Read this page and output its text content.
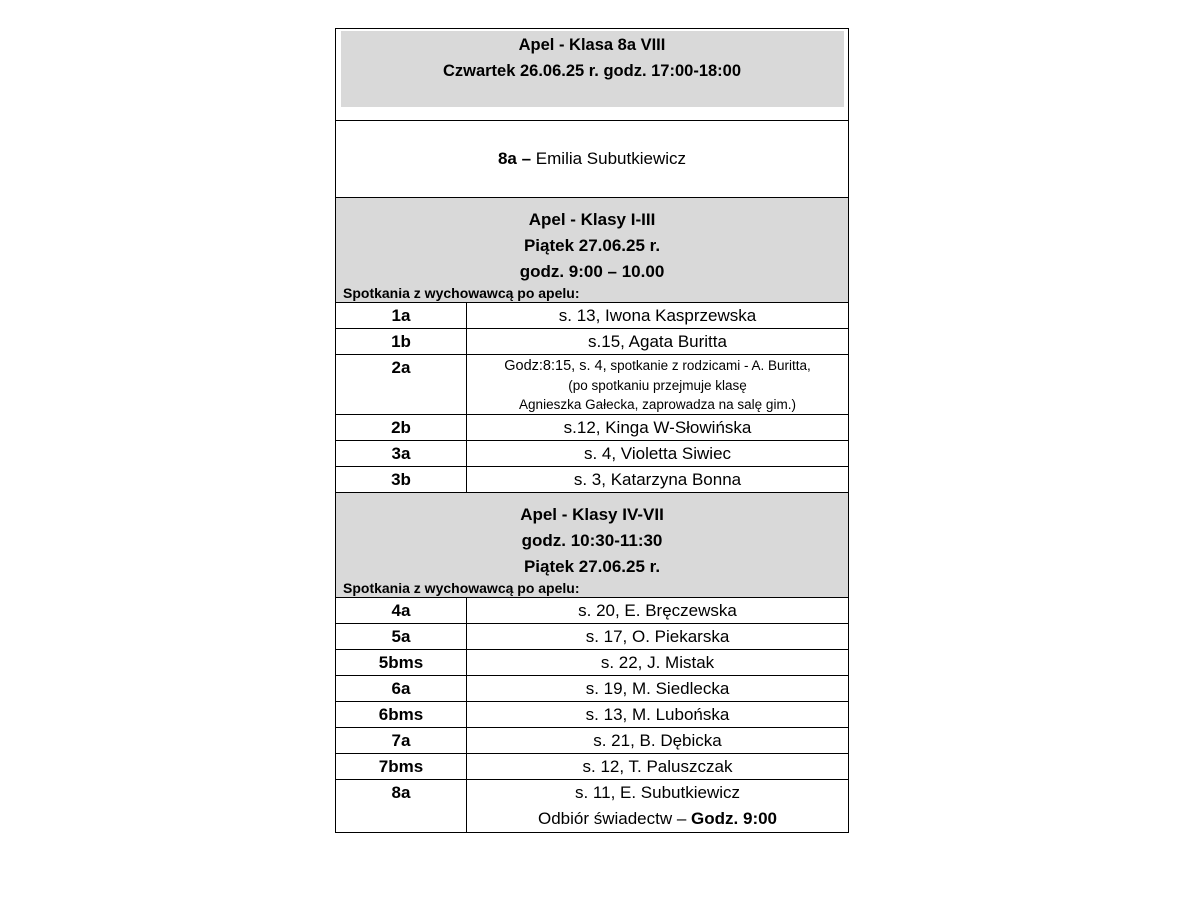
Apel - Klasa 8a VIII
Czwartek 26.06.25 r. godz. 17:00-18:00
8a – Emilia Subutkiewicz
Apel - Klasy I-III
Piątek 27.06.25 r.
godz. 9:00 – 10.00
Spotkania z wychowawcą po apelu:
1a	s. 13, Iwona Kasprzewska
1b	s.15, Agata Buritta
2a	Godz:8:15, s. 4, spotkanie z rodzicami - A. Buritta,
(po spotkaniu przejmuje klasę
Agnieszka Gałecka, zaprowadza na salę gim.)

2b	s.12, Kinga W-Słowińska
3a	s. 4, Violetta Siwiec
3b	s. 3, Katarzyna Bonna
Apel - Klasy IV-VII
godz. 10:30-11:30
Piątek 27.06.25 r.
Spotkania z wychowawcą po apelu:
4a	s. 20, E. Bręczewska
5a	s. 17, O. Piekarska
5bms	s. 22, J. Mistak
6a	s. 19, M. Siedlecka
6bms	s. 13, M. Lubońska
7a	s. 21, B. Dębicka
7bms	s. 12, T. Paluszczak
8a	s. 11, E. Subutkiewicz
Odbiór świadectw – Godz. 9:00
